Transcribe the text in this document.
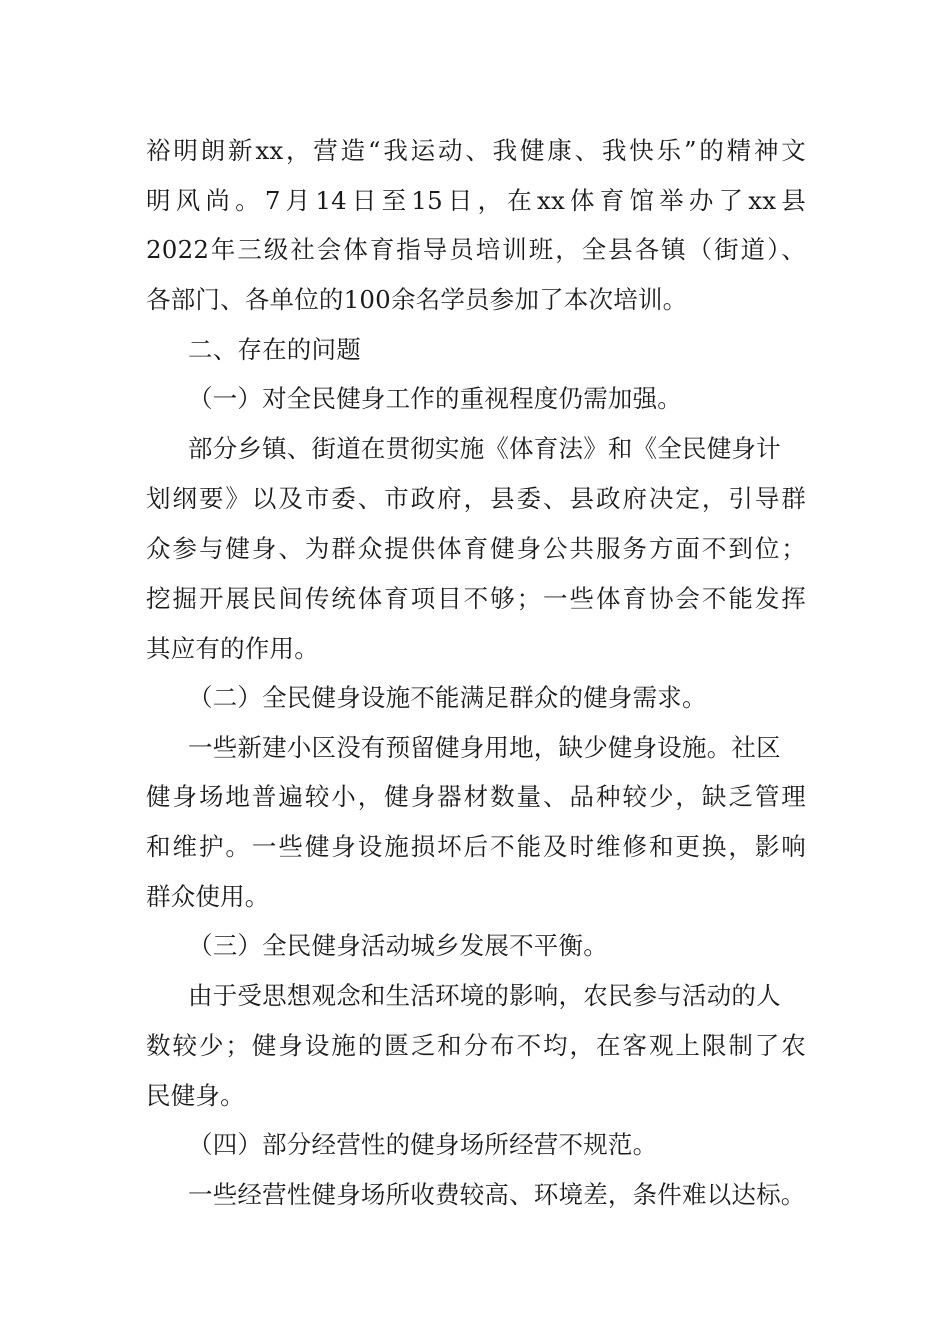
裕明朗新xx，营造“我运动、我健康、我快乐”的精神文
明风尚。7月14日至15日，在xx体育馆举办了xx县
2022年三级社会体育指导员培训班，全县各镇（街道）、
各部门、各单位的100余名学员参加了本次培训。
二、存在的问题
（一）对全民健身工作的重视程度仍需加强。
部分乡镇、街道在贯彻实施《体育法》和《全民健身计
划纲要》以及市委、市政府，县委、县政府决定，引导群
众参与健身、为群众提供体育健身公共服务方面不到位；
挖掘开展民间传统体育项目不够；一些体育协会不能发挥
其应有的作用。
（二）全民健身设施不能满足群众的健身需求。
一些新建小区没有预留健身用地，缺少健身设施。社区
健身场地普遍较小，健身器材数量、品种较少，缺乏管理
和维护。一些健身设施损坏后不能及时维修和更换，影响
群众使用。
（三）全民健身活动城乡发展不平衡。
由于受思想观念和生活环境的影响，农民参与活动的人
数较少；健身设施的匮乏和分布不均，在客观上限制了农
民健身。
（四）部分经营性的健身场所经营不规范。
一些经营性健身场所收费较高、环境差，条件难以达标。
